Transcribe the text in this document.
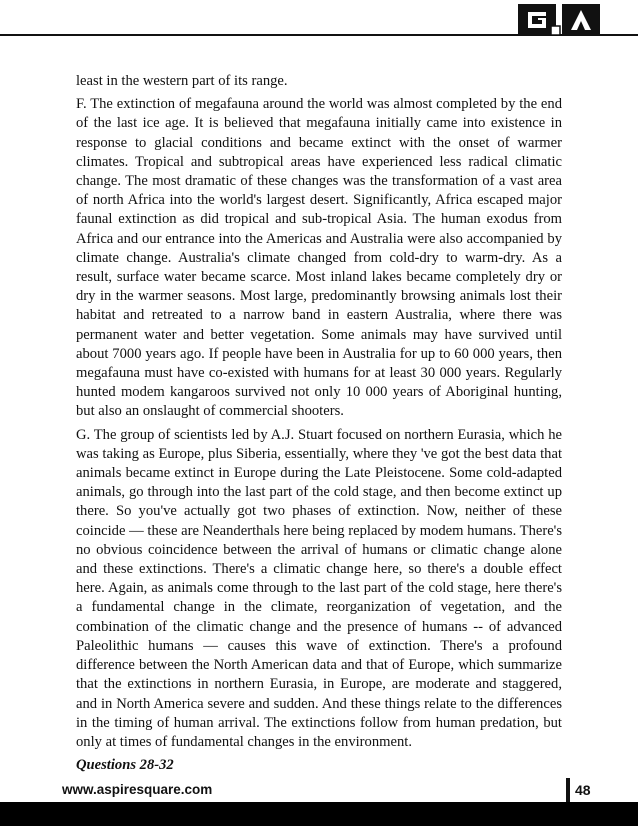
least in the western part of its range.

F. The extinction of megafauna around the world was almost completed by the end of the last ice age. It is believed that megafauna initially came into existence in response to glacial conditions and became extinct with the onset of warmer climates. Tropical and subtropical areas have experienced less radical climatic change. The most dramatic of these changes was the transformation of a vast area of north Africa into the world's largest desert. Significantly, Africa escaped major faunal extinction as did tropical and sub-tropical Asia. The human exodus from Africa and our entrance into the Americas and Australia were also accompanied by climate change. Australia's climate changed from cold-dry to warm-dry. As a result, surface water became scarce. Most inland lakes became completely dry or dry in the warmer seasons. Most large, predominantly browsing animals lost their habitat and retreated to a narrow band in eastern Australia, where there was permanent water and better vegetation. Some animals may have survived until about 7000 years ago. If people have been in Australia for up to 60 000 years, then megafauna must have co-existed with humans for at least 30 000 years. Regularly hunted modem kangaroos survived not only 10 000 years of Aboriginal hunting, but also an onslaught of commercial shooters.

G. The group of scientists led by A.J. Stuart focused on northern Eurasia, which he was taking as Europe, plus Siberia, essentially, where they 've got the best data that animals became extinct in Europe during the Late Pleistocene. Some cold-adapted animals, go through into the last part of the cold stage, and then become extinct up there. So you've actually got two phases of extinction. Now, neither of these coincide — these are Neanderthals here being replaced by modem humans. There's no obvious coincidence between the arrival of humans or climatic change alone and these extinctions. There's a climatic change here, so there's a double effect here. Again, as animals come through to the last part of the cold stage, here there's a fundamental change in the climate, reorganization of vegetation, and the combination of the climatic change and the presence of humans -- of advanced Paleolithic humans — causes this wave of extinction. There's a profound difference between the North American data and that of Europe, which summarize that the extinctions in northern Eurasia, in Europe, are moderate and staggered, and in North America severe and sudden. And these things relate to the differences in the timing of human arrival. The extinctions follow from human predation, but only at times of fundamental changes in the environment.

Questions 28-32

www.aspiresquare.com	48
